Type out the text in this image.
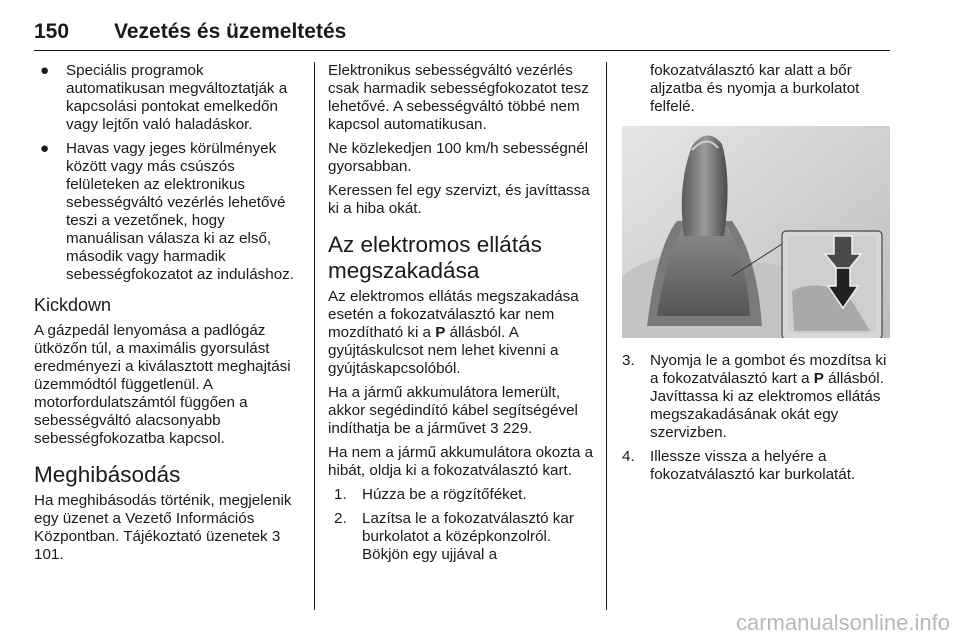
150 Vezetés és üzemeltetés
● Speciális programok automatikusan megváltoztatják a kapcsolási pontokat emelkedőn vagy lejtőn való haladáskor.
● Havas vagy jeges körülmények között vagy más csúszós felületeken az elektronikus sebességváltó vezérlés lehetővé teszi a vezetőnek, hogy manuálisan válasza ki az első, második vagy harmadik sebességfokozatot az induláshoz.
Kickdown

A gázpedál lenyomása a padlógáz ütközőn túl, a maximális gyorsulást eredményezi a kiválasztott meghajtási üzemmódtól függetlenül. A motorfordulatszámtól függően a sebességváltó alacsonyabb sebességfokozatba kapcsol.

Meghibásodás

Ha meghibásodás történik, megjelenik egy üzenet a Vezető Információs Központban. Tájékoztató üzenetek 3 101.

Elektronikus sebességváltó vezérlés csak harmadik sebességfokozatot tesz lehetővé. A sebességváltó többé nem kapcsol automatikusan.

Ne közlekedjen 100 km/h sebességnél gyorsabban.

Keressen fel egy szervizt, és javíttassa ki a hiba okát.

Az elektromos ellátás megszakadása

Az elektromos ellátás megszakadása esetén a fokozatválasztó kar nem mozdítható ki a P állásból. A gyújtáskulcsot nem lehet kivenni a gyújtáskapcsolóból.

Ha a jármű akkumulátora lemerült, akkor segédindító kábel segítségével indíthatja be a járművet 3 229.

Ha nem a jármű akkumulátora okozta a hibát, oldja ki a fokozatválasztó kart.

1. Húzza be a rögzítőféket.
2. Lazítsa le a fokozatválasztó kar burkolatot a középkonzolról. Bökjön egy ujjával a

fokozatválasztó kar alatt a bőr aljzatba és nyomja a burkolatot felfelé.

3. Nyomja le a gombot és mozdítsa ki a fokozatválasztó kart a P állásból. Javíttassa ki az elektromos ellátás megszakadásának okát egy szervizben.
4. Illessze vissza a helyére a fokozatválasztó kar burkolatát.
carmanualsonline.info
